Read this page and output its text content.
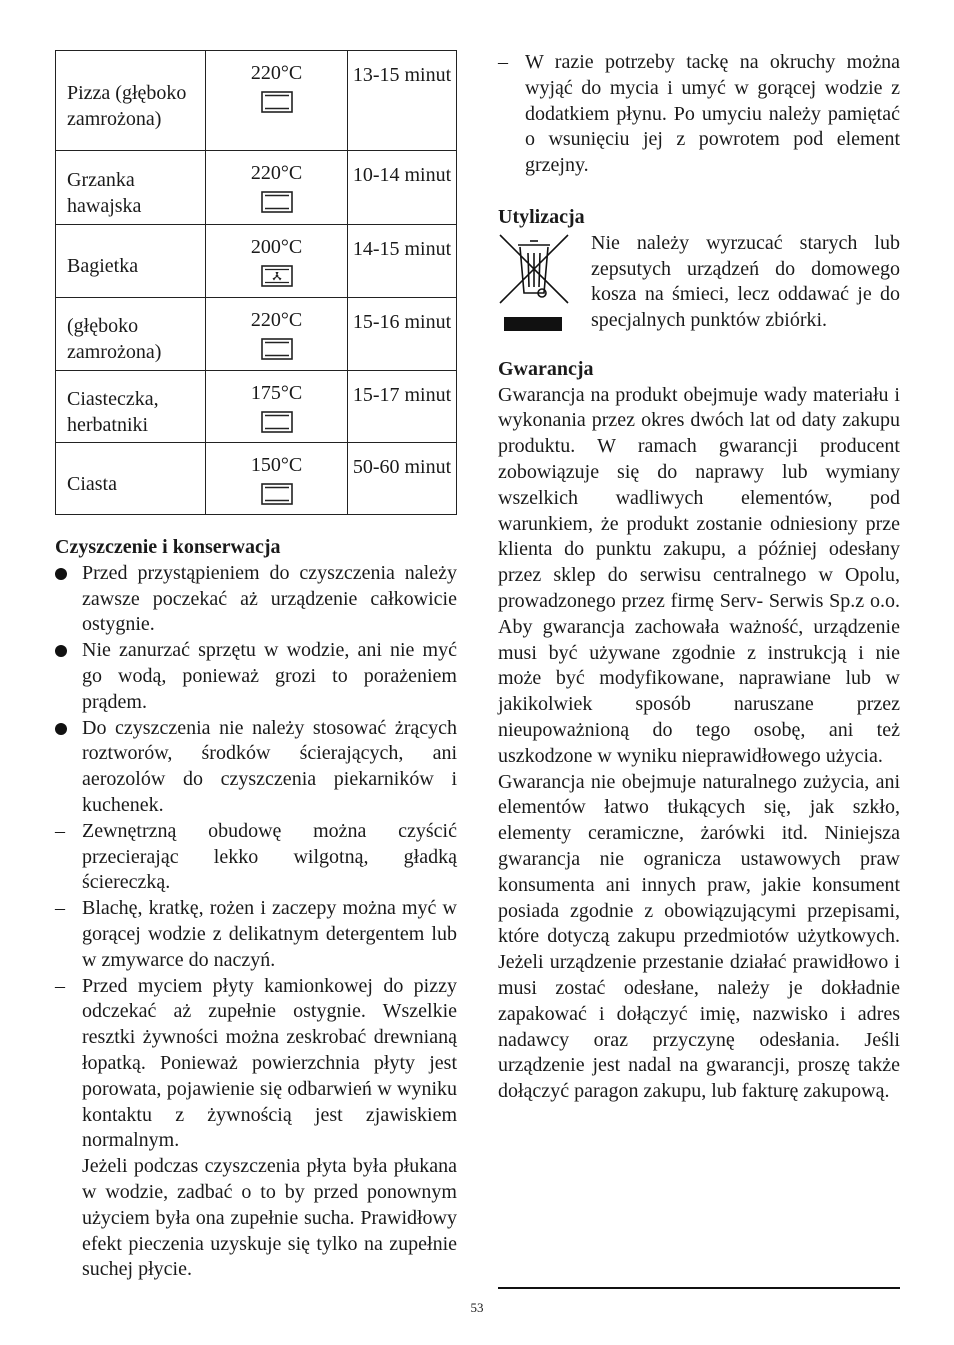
Pizza (głęboko zamrożona)	220°C	13-15 minut
Grzanka hawajska	220°C	10-14 minut
Bagietka	200°C	14-15 minut
(głęboko zamrożona)	220°C	15-16 minut
Ciasteczka, herbatniki	175°C	15-17 minut
Ciasta	150°C	50-60 minut
Czyszczenie i konserwacja
Przed przystąpieniem do czyszczenia należy zawsze poczekać aż urządzenie całkowicie ostygnie.
Nie zanurzać sprzętu w wodzie, ani nie myć go wodą, ponieważ grozi to porażeniem prądem.
Do czyszczenia nie należy stosować żrących roztworów, środków ścierających, ani aerozolów do czyszczenia piekarników i kuchenek.
– Zewnętrzną obudowę można czyścić przecierając lekko wilgotną, gładką ściereczką.
– Blachę, kratkę, rożen i zaczepy można myć w gorącej wodzie z delikatnym detergentem lub w zmywarce do naczyń.
– Przed myciem płyty kamionkowej do pizzy odczekać aż zupełnie ostygnie. Wszelkie resztki żywności można zeskrobać drewnianą łopatką. Ponieważ powierzchnia płyty jest porowata, pojawienie się odbarwień w wyniku kontaktu z żywnością jest zjawiskiem normalnym.

Jeżeli podczas czyszczenia płyta była płukana w wodzie, zadbać o to by przed ponownym użyciem była ona zupełnie sucha. Prawidłowy efekt pieczenia uzyskuje się tylko na zupełnie suchej płycie.

– W razie potrzeby tackę na okruchy można wyjąć do mycia i umyć w gorącej wodzie z dodatkiem płynu. Po umyciu należy pamiętać o wsunięciu jej z powrotem pod element grzejny.
Utylizacja

Nie należy wyrzucać starych lub zepsutych urządzeń do domowego kosza na śmieci, lecz oddawać je do specjalnych punktów zbiórki.

Gwarancja

Gwarancja na produkt obejmuje wady materiału i wykonania przez okres dwóch lat od daty zakupu produktu. W ramach gwarancji producent zobowiązuje się do naprawy lub wymiany wszelkich wadliwych elementów, pod warunkiem, że produkt zostanie odniesiony prze klienta do punktu zakupu, a później odesłany przez sklep do serwisu centralnego w Opolu, prowadzonego przez firmę Serv- Serwis Sp.z o.o. Aby gwarancja zachowała ważność, urządzenie musi być używane zgodnie z instrukcją i nie może być modyfikowane, naprawiane lub w jakikolwiek sposób naruszane przez nieupoważnioną do tego osobę, ani też uszkodzone w wyniku nieprawidłowego użycia.

Gwarancja nie obejmuje naturalnego zużycia, ani elementów łatwo tłukących się, jak szkło, elementy ceramiczne, żarówki itd. Niniejsza gwarancja nie ogranicza ustawowych praw konsumenta ani innych praw, jakie konsument posiada zgodnie z obowiązującymi przepisami, które dotyczą zakupu przedmiotów użytkowych. Jeżeli urządzenie przestanie działać prawidłowo i musi zostać odesłane, należy je dokładnie zapakować i dołączyć imię, nazwisko i adres nadawcy oraz przyczynę odesłania. Jeśli urządzenie jest nadal na gwarancji, proszę także dołączyć paragon zakupu, lub fakturę zakupową.

53
